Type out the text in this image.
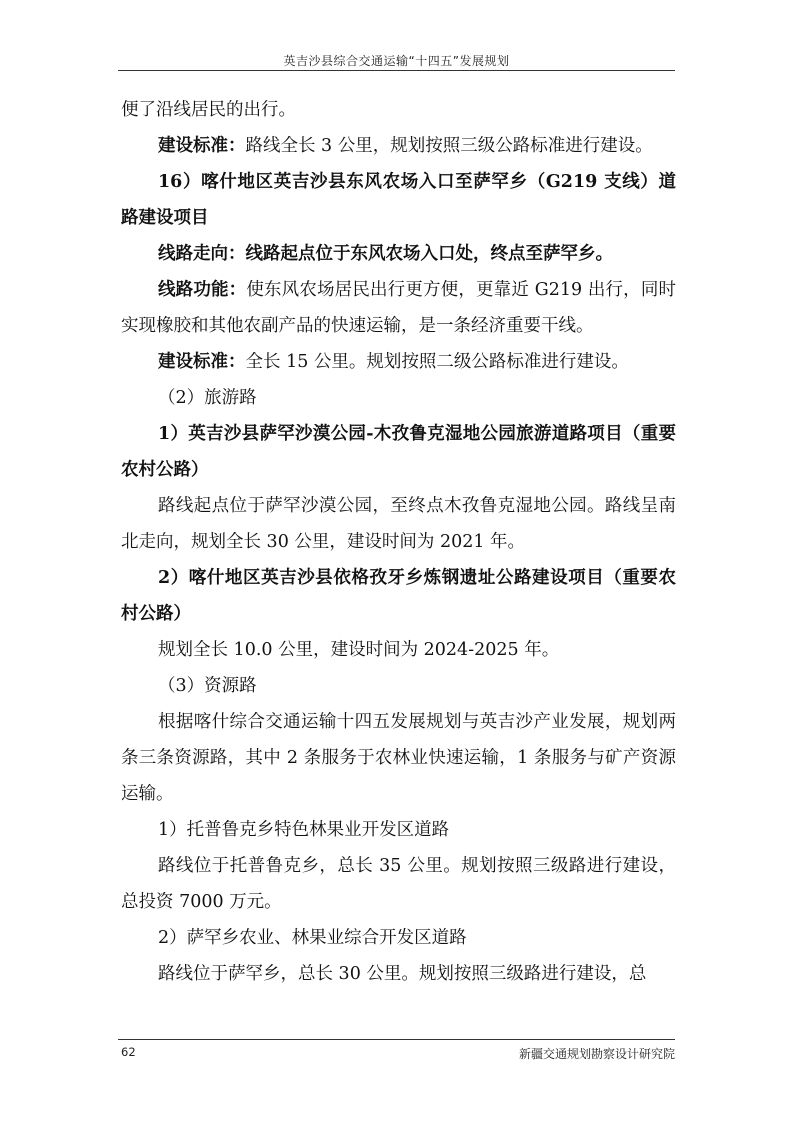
英吉沙县综合交通运输“十四五”发展规划

便了沿线居民的出行。

建设标准：路线全长 3 公里，规划按照三级公路标准进行建设。

16）喀什地区英吉沙县东风农场入口至萨罕乡（G219 支线）道路建设项目

线路走向：线路起点位于东风农场入口处，终点至萨罕乡。

线路功能：使东风农场居民出行更方便，更靠近 G219 出行，同时实现橡胶和其他农副产品的快速运输，是一条经济重要干线。

建设标准：全长 15 公里。规划按照二级公路标准进行建设。

（2）旅游路

1）英吉沙县萨罕沙漠公园-木孜鲁克湿地公园旅游道路项目（重要农村公路）

路线起点位于萨罕沙漠公园，至终点木孜鲁克湿地公园。路线呈南北走向，规划全长 30 公里，建设时间为 2021 年。

2）喀什地区英吉沙县依格孜牙乡炼钢遗址公路建设项目（重要农村公路）

规划全长 10.0 公里，建设时间为 2024-2025 年。

（3）资源路

根据喀什综合交通运输十四五发展规划与英吉沙产业发展，规划两条三条资源路，其中 2 条服务于农林业快速运输，1 条服务与矿产资源运输。

1）托普鲁克乡特色林果业开发区道路

路线位于托普鲁克乡，总长 35 公里。规划按照三级路进行建设，总投资 7000 万元。

2）萨罕乡农业、林果业综合开发区道路

路线位于萨罕乡，总长 30 公里。规划按照三级路进行建设，总

62	新疆交通规划勘察设计研究院
